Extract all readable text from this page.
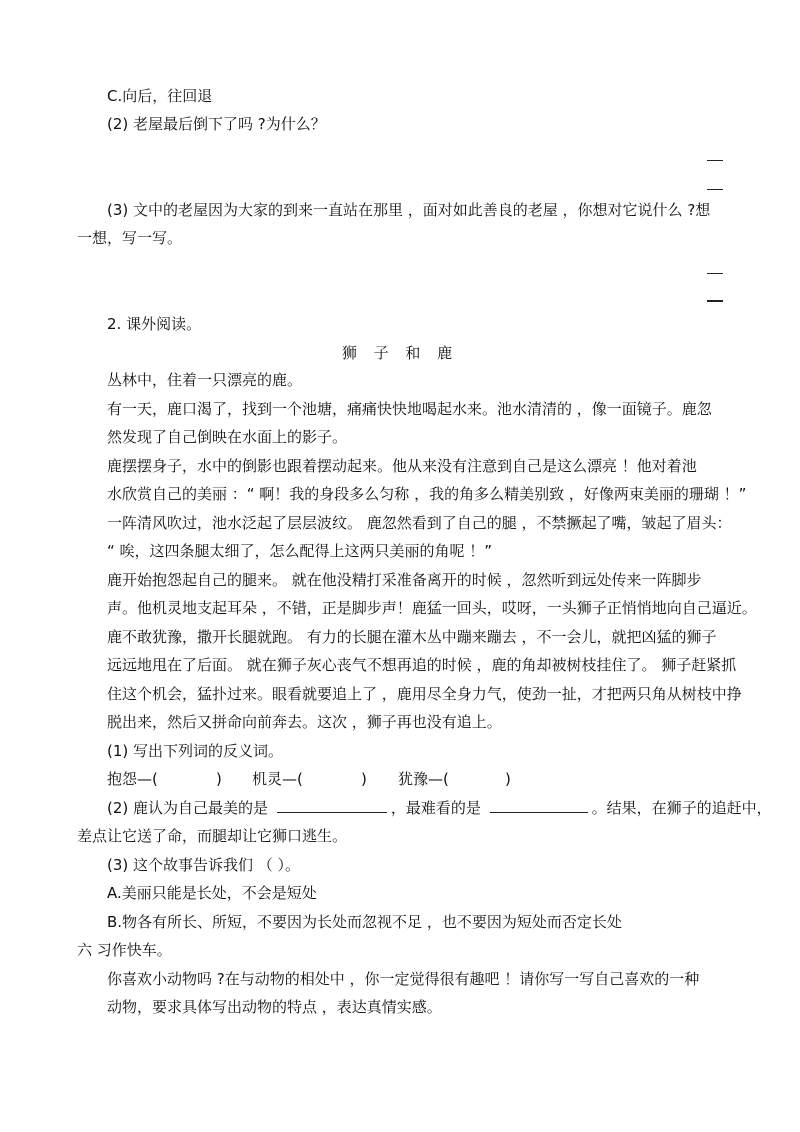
C.向后，往回退
(2) 老屋最后倒下了吗 ?为什么？
(3) 文中的老屋因为大家的到来一直站在那里 ，面对如此善良的老屋 ，你想对它说什么 ?想
一想，写一写。
2. 课外阅读。
狮 子 和 鹿
丛林中，住着一只漂亮的鹿。
有一天，鹿口渴了，找到一个池塘，痛痛快快地喝起水来。池水清清的 ，像一面镜子。鹿忽
然发现了自己倒映在水面上的影子。
鹿摆摆身子，水中的倒影也跟着摆动起来。他从来没有注意到自己是这么漂亮 ！他对着池
水欣赏自己的美丽 ：“ 啊！我的身段多么匀称 ，我的角多么精美别致 ，好像两束美丽的珊瑚 ！”
一阵清风吹过，池水泛起了层层波纹。 鹿忽然看到了自己的腿 ，不禁撅起了嘴，皱起了眉头：
“ 唉，这四条腿太细了，怎么配得上这两只美丽的角呢 ！”
鹿开始抱怨起自己的腿来。 就在他没精打采准备离开的时候 ，忽然听到远处传来一阵脚步
声。他机灵地支起耳朵 ，不错，正是脚步声！鹿猛一回头，哎呀，一头狮子正悄悄地向自己逼近。
鹿不敢犹豫，撒开长腿就跑。 有力的长腿在灌木丛中蹦来蹦去 ，不一会儿，就把凶猛的狮子
远远地甩在了后面。 就在狮子灰心丧气不想再追的时候 ，鹿的角却被树枝挂住了。 狮子赶紧抓
住这个机会，猛扑过来。眼看就要追上了 ，鹿用尽全身力气，使劲一扯，才把两只角从树枝中挣
脱出来，然后又拼命向前奔去。这次 ，狮子再也没有追上。
(1) 写出下列词的反义词。
抱怨—(	) 机灵—(	) 犹豫—(	)
(2) 鹿认为自己最美的是	，最难看的是	。结果，在狮子的追赶中，
差点让它送了命，而腿却让它狮口逃生。
(3) 这个故事告诉我们 （ ）。
A.美丽只能是长处，不会是短处
B.物各有所长、所短，不要因为长处而忽视不足 ，也不要因为短处而否定长处
六 习作快车。
你喜欢小动物吗 ?在与动物的相处中 ，你一定觉得很有趣吧 ！请你写一写自己喜欢的一种
动物，要求具体写出动物的特点 ，表达真情实感。
